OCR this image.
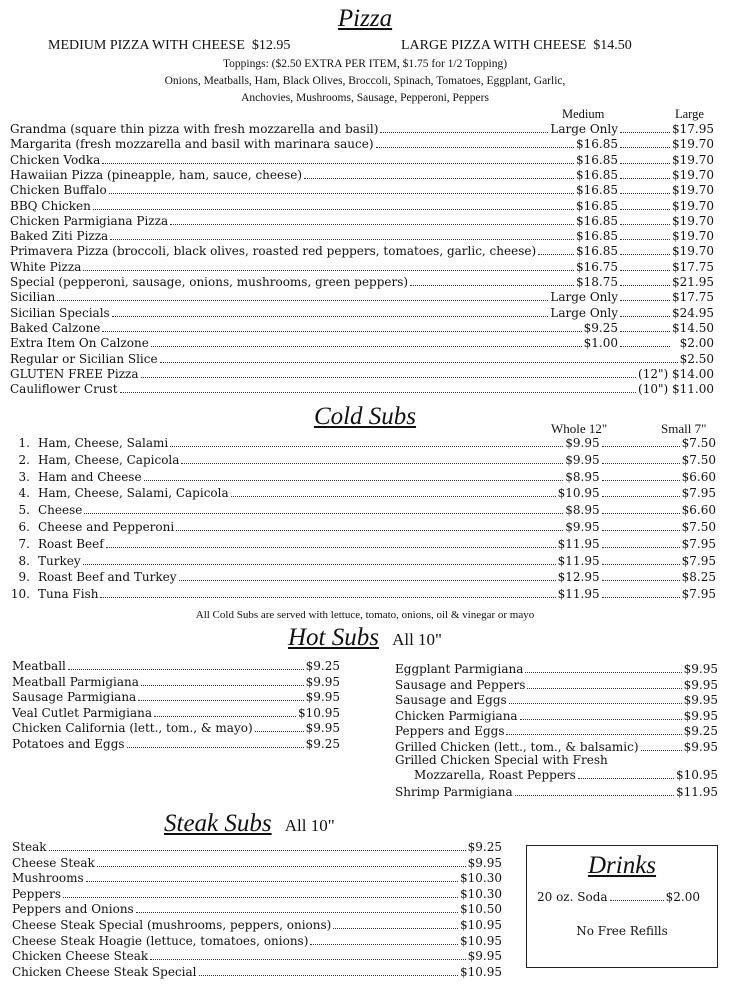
Pizza
MEDIUM PIZZA WITH CHEESE $12.95	LARGE PIZZA WITH CHEESE $14.50
Toppings: ($2.50 EXTRA PER ITEM, $1.75 for 1/2 Topping)
Onions, Meatballs, Ham, Black Olives, Broccoli, Spinach, Tomatoes, Eggplant, Garlic,
Anchovies, Mushrooms, Sausage, Pepperoni, Peppers
Medium	Large
Grandma (square thin pizza with fresh mozzarella and basil)	Large Only	$17.95
Margarita (fresh mozzarella and basil with marinara sauce)	$16.85	$19.70
Chicken Vodka	$16.85	$19.70
Hawaiian Pizza (pineapple, ham, sauce, cheese)	$16.85	$19.70
Chicken Buffalo	$16.85	$19.70
BBQ Chicken	$16.85	$19.70
Chicken Parmigiana Pizza	$16.85	$19.70
Baked Ziti Pizza	$16.85	$19.70
Primavera Pizza (broccoli, black olives, roasted red peppers, tomatoes, garlic, cheese)	$16.85	$19.70
White Pizza	$16.75	$17.75
Special (pepperoni, sausage, onions, mushrooms, green peppers)	$18.75	$21.95
Sicilian	Large Only	$17.75
Sicilian Specials	Large Only	$24.95
Baked Calzone	$9.25	$14.50
Extra Item On Calzone	$1.00	$2.00
Regular or Sicilian Slice	$2.50
GLUTEN FREE Pizza	(12") $14.00
Cauliflower Crust	(10") $11.00
Cold Subs	Whole 12"	Small 7"
1. Ham, Cheese, Salami	$9.95	$7.50
2. Ham, Cheese, Capicola	$9.95	$7.50
3. Ham and Cheese	$8.95	$6.60
4. Ham, Cheese, Salami, Capicola	$10.95	$7.95
5. Cheese	$8.95	$6.60
6. Cheese and Pepperoni	$9.95	$7.50
7. Roast Beef	$11.95	$7.95
8. Turkey	$11.95	$7.95
9. Roast Beef and Turkey	$12.95	$8.25
10. Tuna Fish	$11.95	$7.95
All Cold Subs are served with lettuce, tomato, onions, oil & vinegar or mayo
Hot Subs All 10"
Meatball	$9.25
Meatball Parmigiana	$9.95
Sausage Parmigiana	$9.95
Veal Cutlet Parmigiana	$10.95
Chicken California (lett., tom., & mayo)	$9.95
Potatoes and Eggs	$9.25
Eggplant Parmigiana	$9.95
Sausage and Peppers	$9.95
Sausage and Eggs	$9.95
Chicken Parmigiana	$9.95
Peppers and Eggs	$9.25
Grilled Chicken (lett., tom., & balsamic)	$9.95
Grilled Chicken Special with Fresh
Mozzarella, Roast Peppers	$10.95
Shrimp Parmigiana	$11.95
Steak Subs All 10"
Steak	$9.25
Cheese Steak	$9.95
Mushrooms	$10.30
Peppers	$10.30
Peppers and Onions	$10.50
Cheese Steak Special (mushrooms, peppers, onions)	$10.95
Cheese Steak Hoagie (lettuce, tomatoes, onions)	$10.95
Chicken Cheese Steak	$9.95
Chicken Cheese Steak Special	$10.95
Drinks
20 oz. Soda	$2.00
No Free Refills
